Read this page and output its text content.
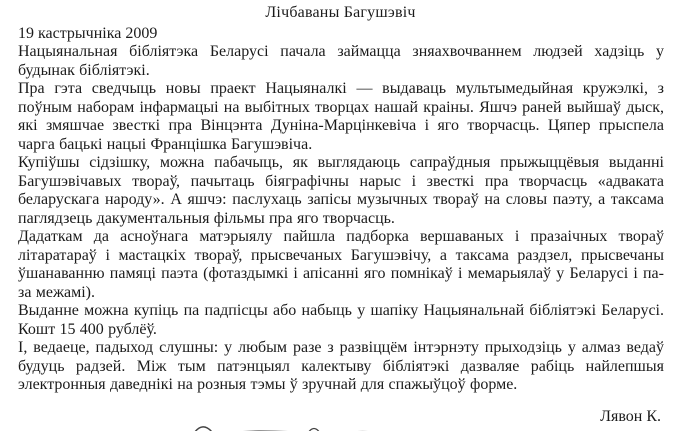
Лічбаваны Багушэвіч
19 кастрычніка 2009

Нацыянальная бібліятэка Беларусі пачала займацца зняахвочваннем людзей хадзіць у будынак бібліятэкі.

Пра гэта сведчыць новы праект Нацыяналкі — выдаваць мультымедыйная кружэлкі, з поўным наборам інфармацыі на выбітных творцах нашай краіны. Яшчэ раней выйшаў дыск, які змяшчае звесткі пра Вінцэнта Дуніна-Марцінкевіча і яго творчасць. Цяпер прыспела чарга бацькі нацыі Францішка Багушэвіча.

Купіўшы сідзішку, можна пабачыць, як выглядаюць сапраўдныя прыжыццёвыя выданні Багушэвічавых твораў, пачытаць біяграфічны нарыс і звесткі пра творчасць «адваката беларускага народу». А яшчэ: паслухаць запісы музычных твораў на словы паэту, а таксама паглядзець дакументальныя фільмы пра яго творчасць.

Дадаткам да асноўнага матэрыялу пайшла падборка вершаваных і празаічных твораў літаратараў і мастацкіх твораў, прысвечаных Багушэвічу, а таксама раздзел, прысвечаны ўшанаванню памяці паэта (фотаздымкі і апісанні яго помнікаў і мемарыялаў у Беларусі і па-за межамі).

Выданне можна купіць па падпісцы або набыць у шапіку Нацыянальнай бібліятэкі Беларусі. Кошт 15 400 рублёў.

І, ведаеце, падыход слушны: у любым разе з развіццём інтэрнэту прыходзіць у алмаз ведаў будуць радзей. Між тым патэнцыял калектыву бібліятэкі дазваляе рабіць найлепшыя электронныя даведнікі на розныя тэмы ў зручнай для спажыўцоў форме.

Лявон К.
